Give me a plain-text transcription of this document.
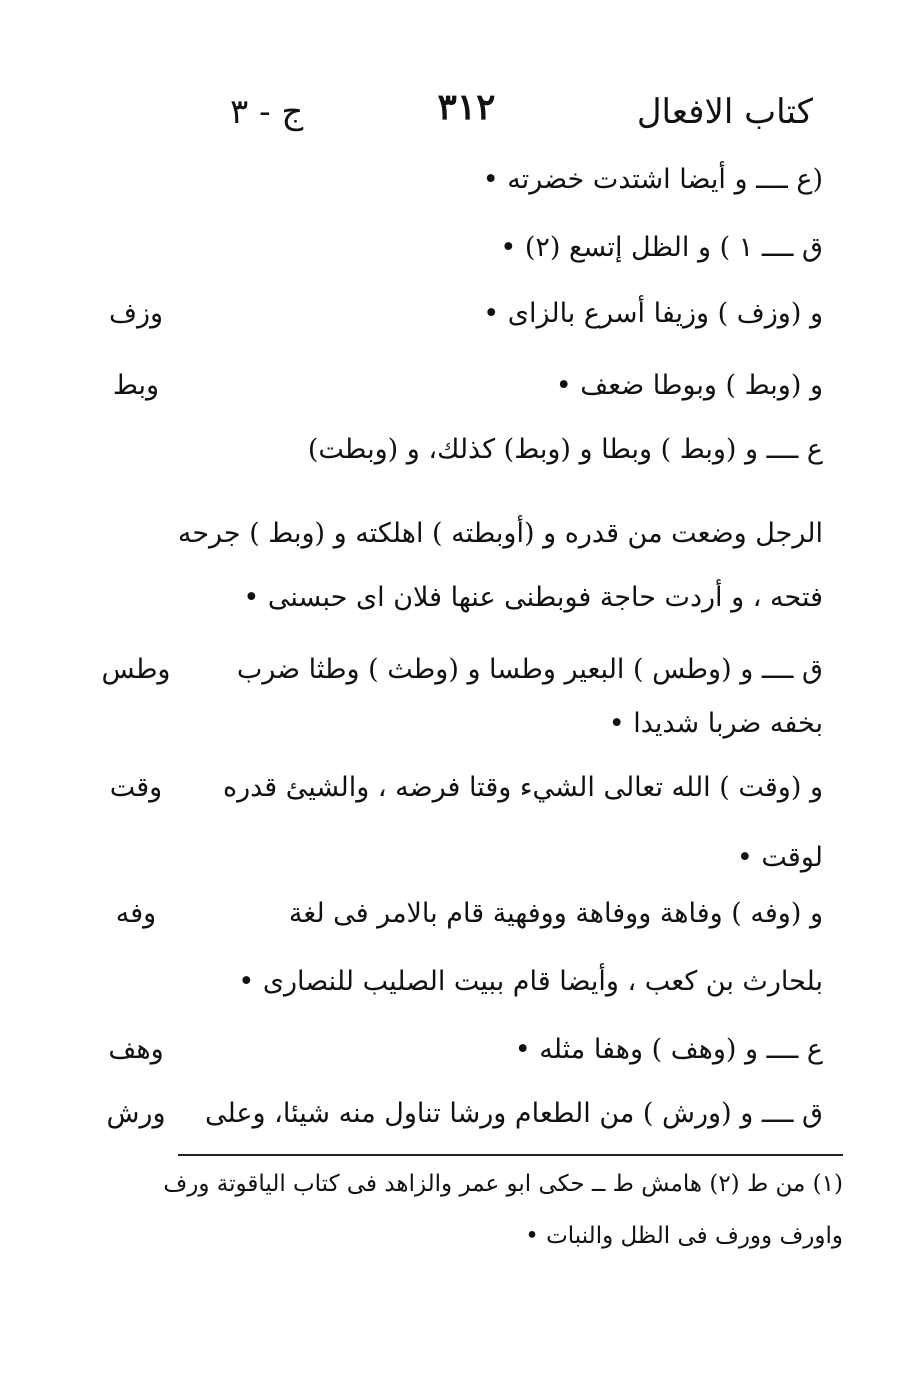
كتاب الافعال
٣١٢
ج - ٣
(ع ــــ و أيضا اشتدت خضرته •
ق ــــ ١ ) و الظل إتسع (٢) •
و (وزف ) وزيفا أسرع بالزاى •
و (وبط ) وبوطا ضعف •
ع ــــ و (وبط ) وبطا و (وبط) كذلك، و (وبطت)
الرجل وضعت من قدره و (أوبطته ) اهلكته و (وبط ) جرحه
فتحه ، و أردت حاجة فوبطنى عنها فلان اى حبسنى •
ق ــــ و (وطس ) البعير وطسا و (وطث ) وطثا ضرب
بخفه ضربا شديدا •
و (وقت ) الله تعالى الشيء وقتا فرضه ، والشيئ قدره
لوقت •
و (وفه ) وفاهة ووفاهة ووفهية قام بالامر فى لغة
بلحارث بن كعب ، وأيضا قام ببيت الصليب للنصارى •
ع ــــ و (وهف ) وهفا مثله •
ق ــــ و (ورش ) من الطعام ورشا تناول منه شيئا، وعلى
وزف
وبط
وطس
وقت
وفه
وهف
ورش
(١) من ط (٢) هامش ط ــ حكى ابو عمر والزاهد فى كتاب الياقوتة ورف
واورف وورف فى الظل والنبات •
